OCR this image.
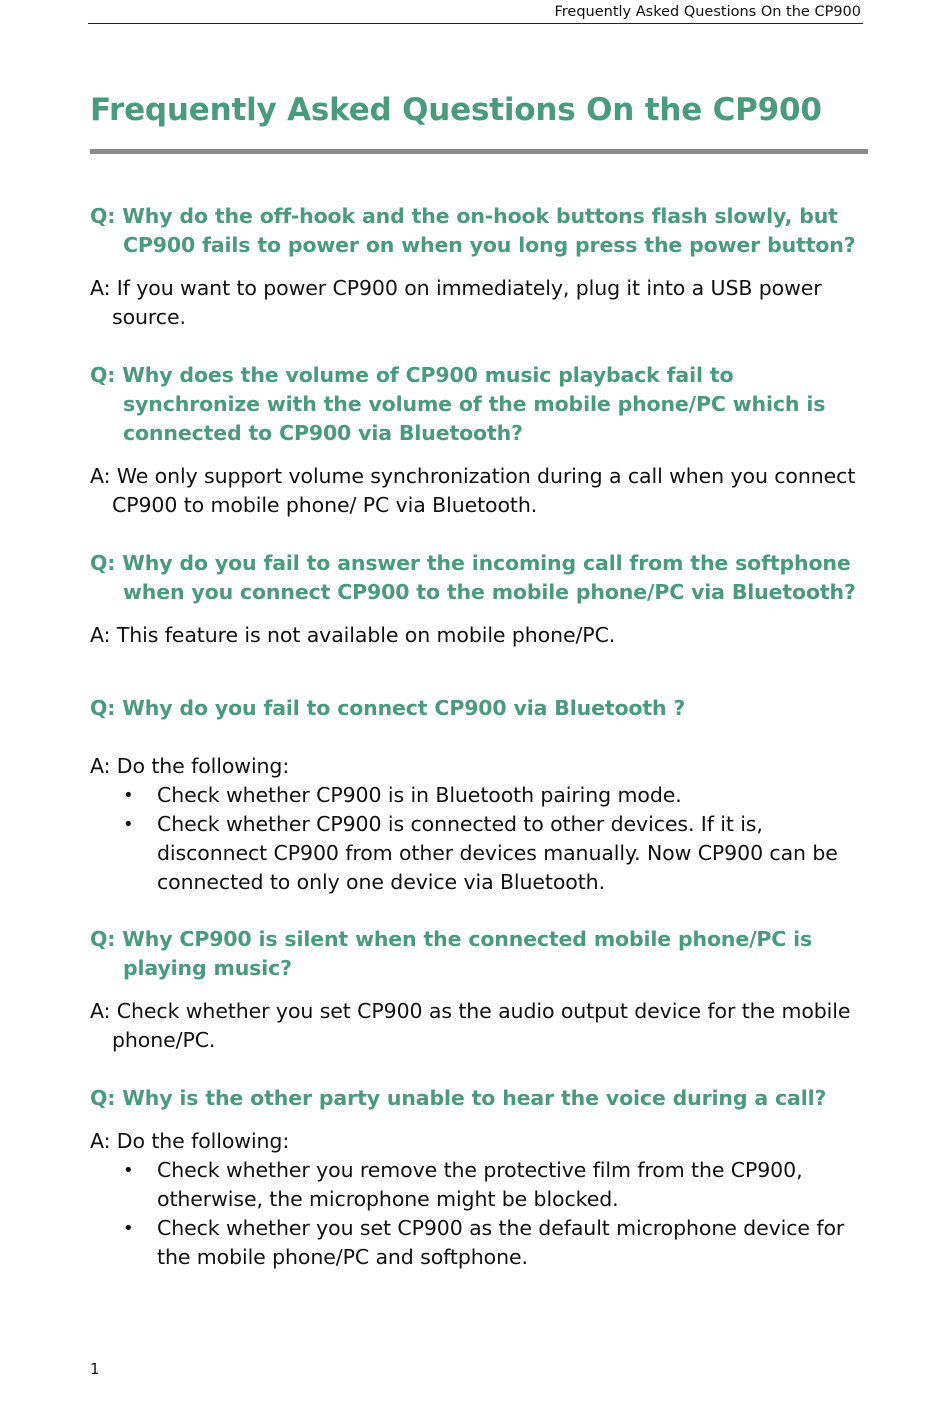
Frequently Asked Questions On the CP900
Frequently Asked Questions On the CP900

Q: Why do the off-hook and the on-hook buttons flash slowly, but CP900 fails to power on when you long press the power button?

A: If you want to power CP900 on immediately, plug it into a USB power source.

Q: Why does the volume of CP900 music playback fail to synchronize with the volume of the mobile phone/PC which is connected to CP900 via Bluetooth?

A: We only support volume synchronization during a call when you connect CP900 to mobile phone/ PC via Bluetooth.

Q: Why do you fail to answer the incoming call from the softphone when you connect CP900 to the mobile phone/PC via Bluetooth?

A: This feature is not available on mobile phone/PC.

Q: Why do you fail to connect CP900 via Bluetooth ?

A: Do the following:

• Check whether CP900 is in Bluetooth pairing mode.
• Check whether CP900 is connected to other devices. If it is, disconnect CP900 from other devices manually. Now CP900 can be connected to only one device via Bluetooth.

Q: Why CP900 is silent when the connected mobile phone/PC is playing music?

A: Check whether you set CP900 as the audio output device for the mobile phone/PC.

Q: Why is the other party unable to hear the voice during a call?

A: Do the following:

• Check whether you remove the protective film from the CP900, otherwise, the microphone might be blocked.
• Check whether you set CP900 as the default microphone device for the mobile phone/PC and softphone.
1
